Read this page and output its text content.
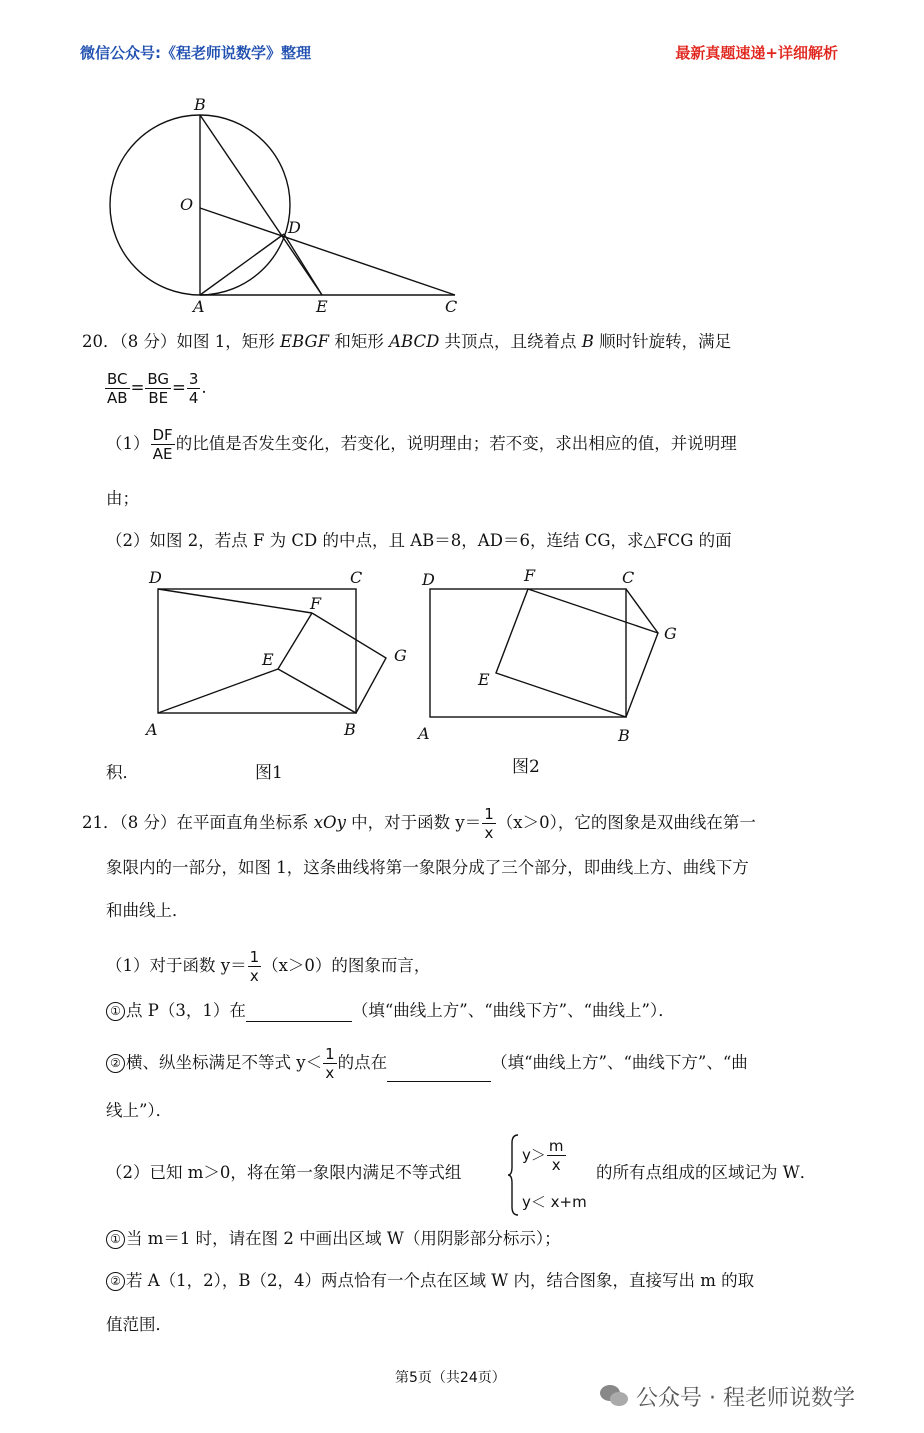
微信公众号:《程老师说数学》整理	最新真题速递+详细解析
B
O
D
A	E	C
20．（8 分）如图 1，矩形 EBGF 和矩形 ABCD 共顶点，且绕着点 B 顺时针旋转，满足
$\frac{BC}{AB} = \frac{BG}{BE} = \frac{3}{4}$ .
$(1) \frac{DF}{AE}$ 的比值是否发生变化，若变化，说明理由；若不变，求出相应的值，并说明理
由；
（2）如图 2，若点 F 为 CD 的中点，且 AB＝8，AD＝6，连结 CG，求△FCG 的面
D	C
F
E	G
A	B
D	F	C
G
E
A	B
积．	图1	图2
21．（8 分）在平面直角坐标系 xOy 中，对于函数 $y= \frac{1}{x} (x>0)$，它的图象是双曲线在第一
象限内的一部分，如图 1，这条曲线将第一象限分成了三个部分，即曲线上方、曲线下方
和曲线上．
（1）对于函数 $y= \frac{1}{x} (x>0)$的图象而言，
① 点 P（3，1）在	（填“曲线上方”、“曲线下方”、“曲线上”）．
② 横、纵坐标满足不等式 $y< \frac{1}{x}$ 的点在	（填“曲线上方”、“曲线下方”、“曲
线上”）．
（2）已知 m＞0，将在第一象限内满足不等式组
$y> \frac{m}{x}$
y＜ x+m
的所有点组成的区域记为 W．
① 当 m＝1 时，请在图 2 中画出区域 W（用阴影部分标示）；
② 若 A（1，2），B（2，4）两点恰有一个点在区域 W 内，结合图象，直接写出 m 的取
值范围．
第5页（共24页）
公众号 · 程老师说数学
